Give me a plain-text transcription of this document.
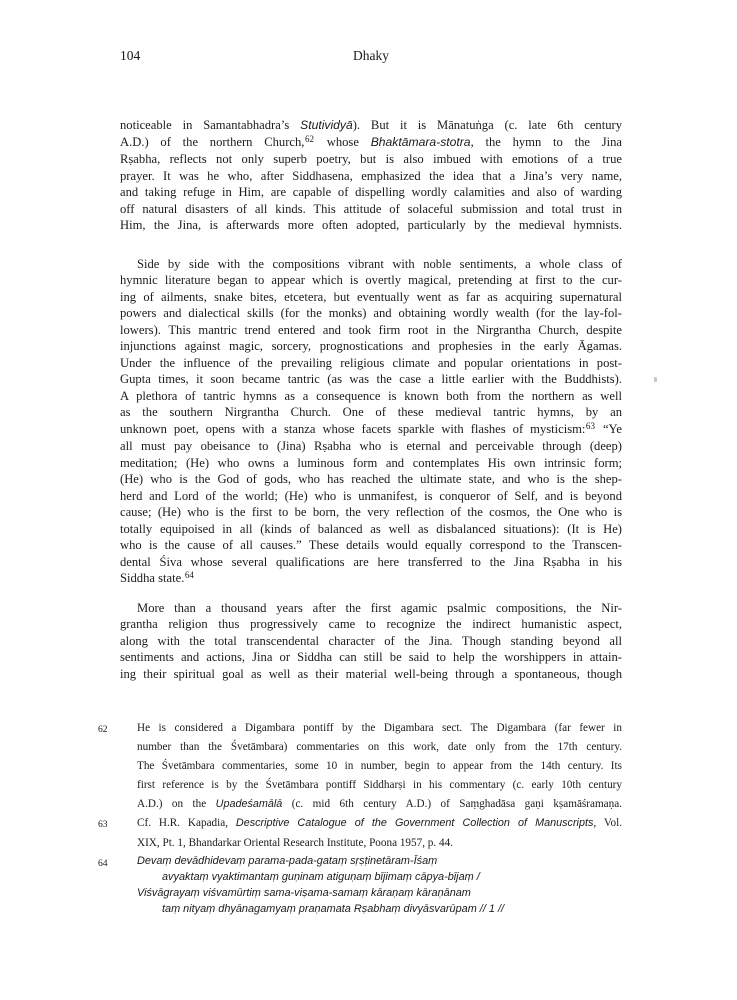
104	Dhaky
noticeable in Samantabhadra’s Stutividyā). But it is Mānatuṅga (c. late 6th century
A.D.) of the northern Church,$^{62}$ whose Bhaktāmara-stotra, the hymn to the Jina
Rṣabha, reflects not only superb poetry, but is also imbued with emotions of a true
prayer. It was he who, after Siddhasena, emphasized the idea that a Jina’s very name,
and taking refuge in Him, are capable of dispelling wordly calamities and also of warding
off natural disasters of all kinds. This attitude of solaceful submission and total trust in
Him, the Jina, is afterwards more often adopted, particularly by the medieval hymnists.
Side by side with the compositions vibrant with noble sentiments, a whole class of
hymnic literature began to appear which is overtly magical, pretending at first to the cur-
ing of ailments, snake bites, etcetera, but eventually went as far as acquiring supernatural
powers and dialectical skills (for the monks) and obtaining wordly wealth (for the lay-fol-
lowers). This mantric trend entered and took firm root in the Nirgrantha Church, despite
injunctions against magic, sorcery, prognostications and prophesies in the early Āgamas.
Under the influence of the prevailing religious climate and popular orientations in post-
Gupta times, it soon became tantric (as was the case a little earlier with the Buddhists).
A plethora of tantric hymns as a consequence is known both from the northern as well
as the southern Nirgrantha Church. One of these medieval tantric hymns, by an
unknown poet, opens with a stanza whose facets sparkle with flashes of mysticism:$^{63}$ “Ye
all must pay obeisance to (Jina) Rṣabha who is eternal and perceivable through (deep)
meditation; (He) who owns a luminous form and contemplates His own intrinsic form;
(He) who is the God of gods, who has reached the ultimate state, and who is the shep-
herd and Lord of the world; (He) who is unmanifest, is conqueror of Self, and is beyond
cause; (He) who is the first to be born, the very reflection of the cosmos, the One who is
totally equipoised in all (kinds of balanced as well as disbalanced situations): (It is He)
who is the cause of all causes.” These details would equally correspond to the Transcen-
dental Śiva whose several qualifications are here transferred to the Jina Rṣabha in his
Siddha state.$^{64}$
More than a thousand years after the first agamic psalmic compositions, the Nir-
grantha religion thus progressively came to recognize the indirect humanistic aspect,
along with the total transcendental character of the Jina. Though standing beyond all
sentiments and actions, Jina or Siddha can still be said to help the worshippers in attain-
ing their spiritual goal as well as their material well-being through a spontaneous, though
62	He is considered a Digambara pontiff by the Digambara sect. The Digambara (far fewer in
number than the Śvetāmbara) commentaries on this work, date only from the 17th century.
The Śvetāmbara commentaries, some 10 in number, begin to appear from the 14th century. Its
first reference is by the Śvetāmbara pontiff Siddharṣi in his commentary (c. early 10th century
A.D.) on the Upadeśamālā (c. mid 6th century A.D.) of Saṃghadāsa gaṇi kṣamāśramaṇa.
63	Cf. H.R. Kapadia, Descriptive Catalogue of the Government Collection of Manuscripts, Vol.
XIX, Pt. 1, Bhandarkar Oriental Research Institute, Poona 1957, p. 44.
64	Devaṃ devādhidevaṃ parama-pada-gataṃ sṛṣṭinetāram-Īśaṃ
avyaktaṃ vyaktimantaṃ guṇinam atiguṇaṃ bījimaṃ cāpya-bījaṃ /
Viśvāgrayaṃ viśvamūrtiṃ sama-viṣama-samaṃ kāraṇaṃ kāraṇānam
taṃ nityaṃ dhyānagamyaṃ praṇamata Rṣabhaṃ divyāsvarūpam // 1 //
